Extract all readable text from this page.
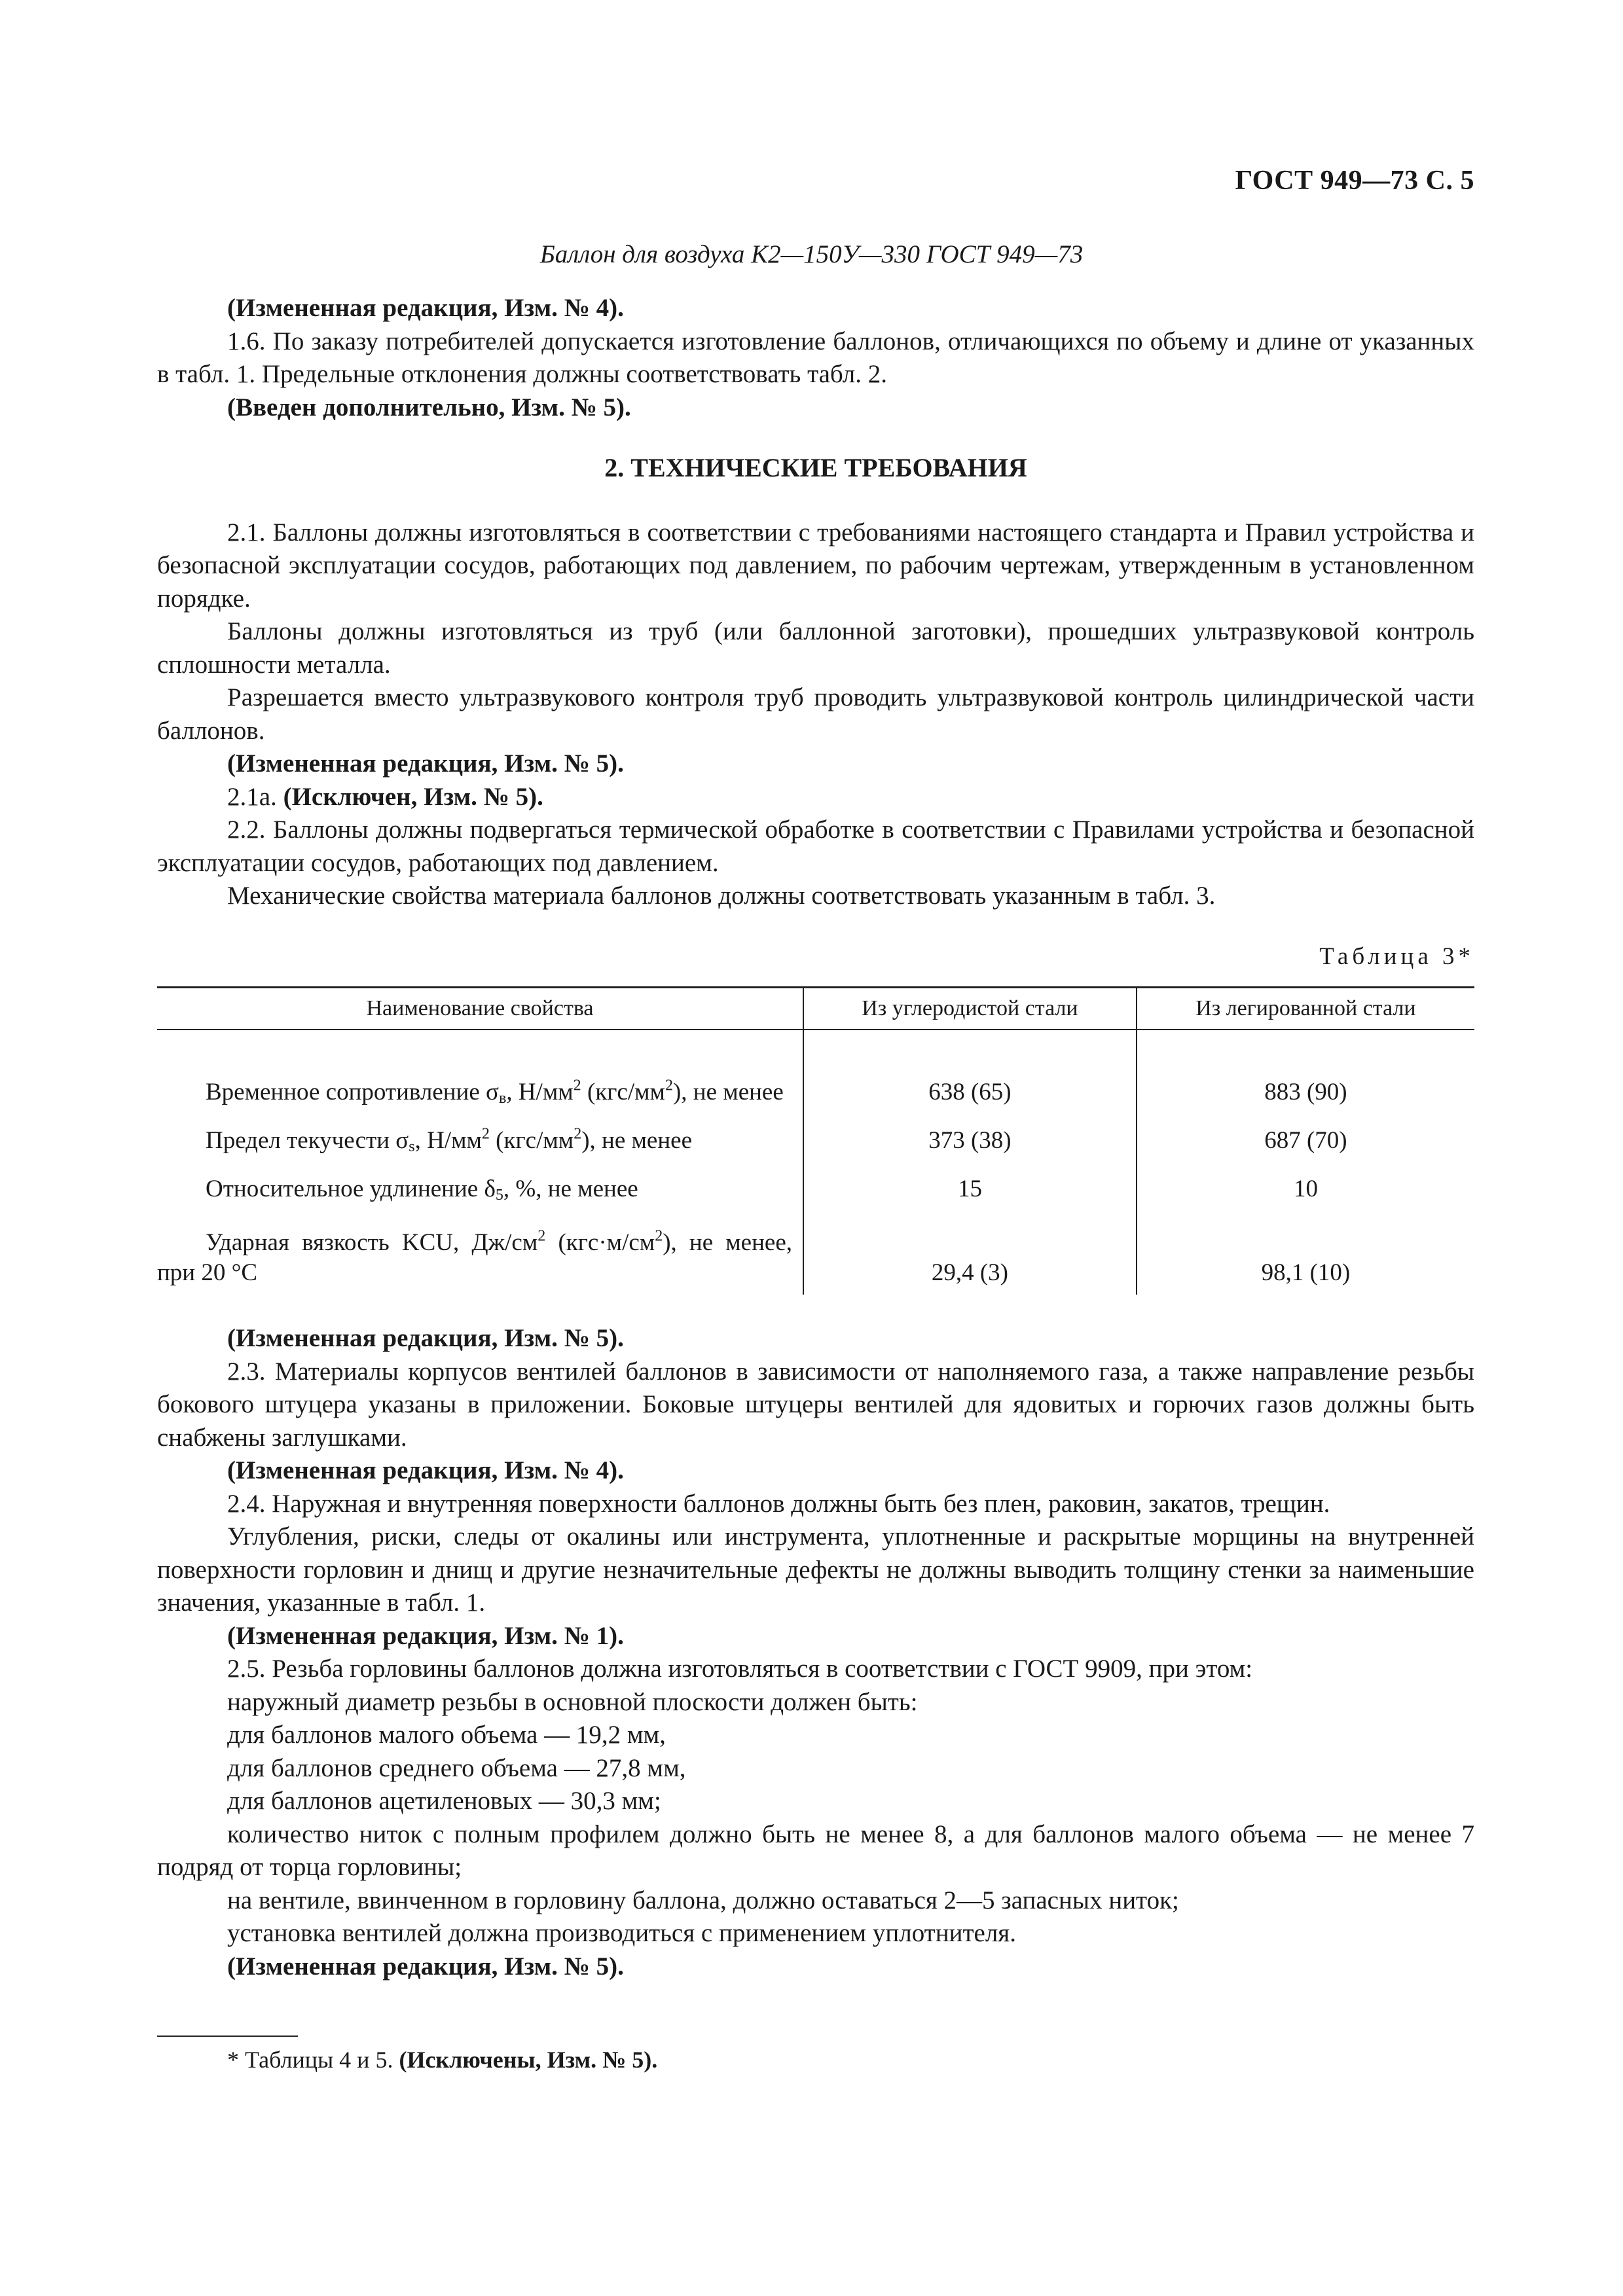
ГОСТ 949—73 С. 5
Баллон для воздуха К2—150У—330 ГОСТ 949—73

(Измененная редакция, Изм. № 4).

1.6. По заказу потребителей допускается изготовление баллонов, отличающихся по объему и длине от указанных в табл. 1. Предельные отклонения должны соответствовать табл. 2.

(Введен дополнительно, Изм. № 5).

2. ТЕХНИЧЕСКИЕ ТРЕБОВАНИЯ

2.1. Баллоны должны изготовляться в соответствии с требованиями настоящего стандарта и Правил устройства и безопасной эксплуатации сосудов, работающих под давлением, по рабочим чертежам, утвержденным в установленном порядке.

Баллоны должны изготовляться из труб (или баллонной заготовки), прошедших ультразвуковой контроль сплошности металла.

Разрешается вместо ультразвукового контроля труб проводить ультразвуковой контроль цилиндрической части баллонов.

(Измененная редакция, Изм. № 5).

2.1а. (Исключен, Изм. № 5).

2.2. Баллоны должны подвергаться термической обработке в соответствии с Правилами устройства и безопасной эксплуатации сосудов, работающих под давлением.

Механические свойства материала баллонов должны соответствовать указанным в табл. 3.

Таблица 3*
Наименование свойства	Из углеродистой стали	Из легированной стали
Временное сопротивление σв, $Н/мм^2$ $(кгс/мм^2)$, не менее	638 (65)	883 (90)
Предел текучести σs, $Н/мм^2$ $(кгс/мм^2)$, не менее	373 (38)	687 (70)
Относительное удлинение δ5, %, не менее	15	10
Ударная вязкость KCU, $Дж/см^2$ $(кгс\cdot м/см^2)$, не менее, при 20 °С	29,4 (3)	98,1 (10)

(Измененная редакция, Изм. № 5).

2.3. Материалы корпусов вентилей баллонов в зависимости от наполняемого газа, а также направление резьбы бокового штуцера указаны в приложении. Боковые штуцеры вентилей для ядовитых и горючих газов должны быть снабжены заглушками.

(Измененная редакция, Изм. № 4).

2.4. Наружная и внутренняя поверхности баллонов должны быть без плен, раковин, закатов, трещин.

Углубления, риски, следы от окалины или инструмента, уплотненные и раскрытые морщины на внутренней поверхности горловин и днищ и другие незначительные дефекты не должны выводить толщину стенки за наименьшие значения, указанные в табл. 1.

(Измененная редакция, Изм. № 1).

2.5. Резьба горловины баллонов должна изготовляться в соответствии с ГОСТ 9909, при этом:

наружный диаметр резьбы в основной плоскости должен быть:

для баллонов малого объема — 19,2 мм,

для баллонов среднего объема — 27,8 мм,

для баллонов ацетиленовых — 30,3 мм;

количество ниток с полным профилем должно быть не менее 8, а для баллонов малого объема — не менее 7 подряд от торца горловины;

на вентиле, ввинченном в горловину баллона, должно оставаться 2—5 запасных ниток;

установка вентилей должна производиться с применением уплотнителя.

(Измененная редакция, Изм. № 5).

* Таблицы 4 и 5. (Исключены, Изм. № 5).
